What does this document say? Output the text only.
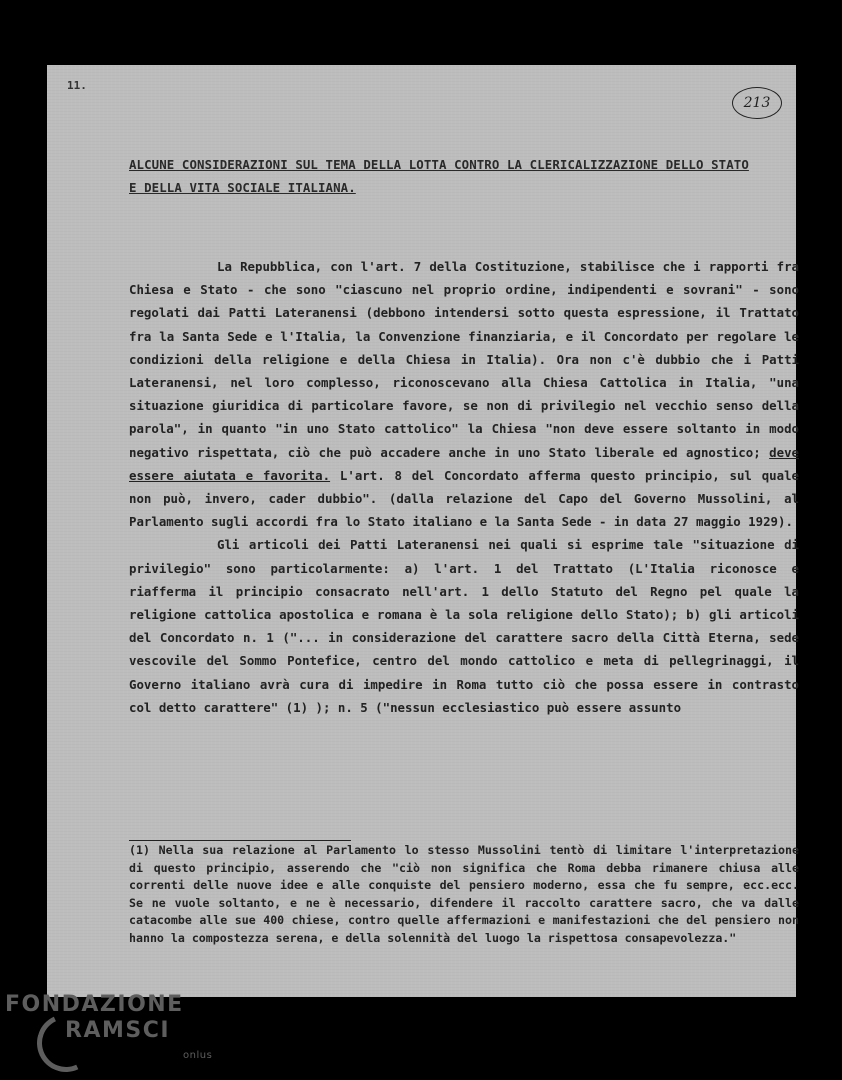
11.
213
ALCUNE CONSIDERAZIONI SUL TEMA DELLA LOTTA CONTRO LA CLERICALIZZAZIONE DELLO STATO E DELLA VITA SOCIALE ITALIANA.

La Repubblica, con l'art. 7 della Costituzione, stabilisce che i rapporti fra Chiesa e Stato - che sono "ciascuno nel proprio ordine, indipendenti e sovrani" - sono regolati dai Patti Lateranensi (debbono intendersi sotto questa espressione, il Trattato fra la Santa Sede e l'Italia, la Convenzione finanziaria, e il Concordato per regolare le condizioni della religione e della Chiesa in Italia). Ora non c'è dubbio che i Patti Lateranensi, nel loro complesso, riconoscevano alla Chiesa Cattolica in Italia, "una situazione giuridica di particolare favore, se non di privilegio nel vecchio senso della parola", in quanto "in uno Stato cattolico" la Chiesa "non deve essere soltanto in modo negativo rispettata, ciò che può accadere anche in uno Stato liberale ed agnostico; deve essere aiutata e favorita. L'art. 8 del Concordato afferma questo principio, sul quale non può, invero, cader dubbio". (dalla relazione del Capo del Governo Mussolini, al Parlamento sugli accordi fra lo Stato italiano e la Santa Sede - in data 27 maggio 1929).

Gli articoli dei Patti Lateranensi nei quali si esprime tale "situazione di privilegio" sono particolarmente: a) l'art. 1 del Trattato (L'Italia riconosce e riafferma il principio consacrato nell'art. 1 dello Statuto del Regno pel quale la religione cattolica apostolica e romana è la sola religione dello Stato); b) gli articoli del Concordato n. 1 ("... in considerazione del carattere sacro della Città Eterna, sede vescovile del Sommo Pontefice, centro del mondo cattolico e meta di pellegrinaggi, il Governo italiano avrà cura di impedire in Roma tutto ciò che possa essere in contrasto col detto carattere" (1) ); n. 5 ("nessun ecclesiastico può essere assunto

(1) Nella sua relazione al Parlamento lo stesso Mussolini tentò di limitare l'interpretazione di questo principio, asserendo che "ciò non significa che Roma debba rimanere chiusa alle correnti delle nuove idee e alle conquiste del pensiero moderno, essa che fu sempre, ecc.ecc. Se ne vuole soltanto, e ne è necessario, difendere il raccolto carattere sacro, che va dalle catacombe alle sue 400 chiese, contro quelle affermazioni e manifestazioni che del pensiero non hanno la compostezza serena, e della solennità del luogo la rispettosa consapevolezza."

FONDAZIONE
RAMSCI
onlus
